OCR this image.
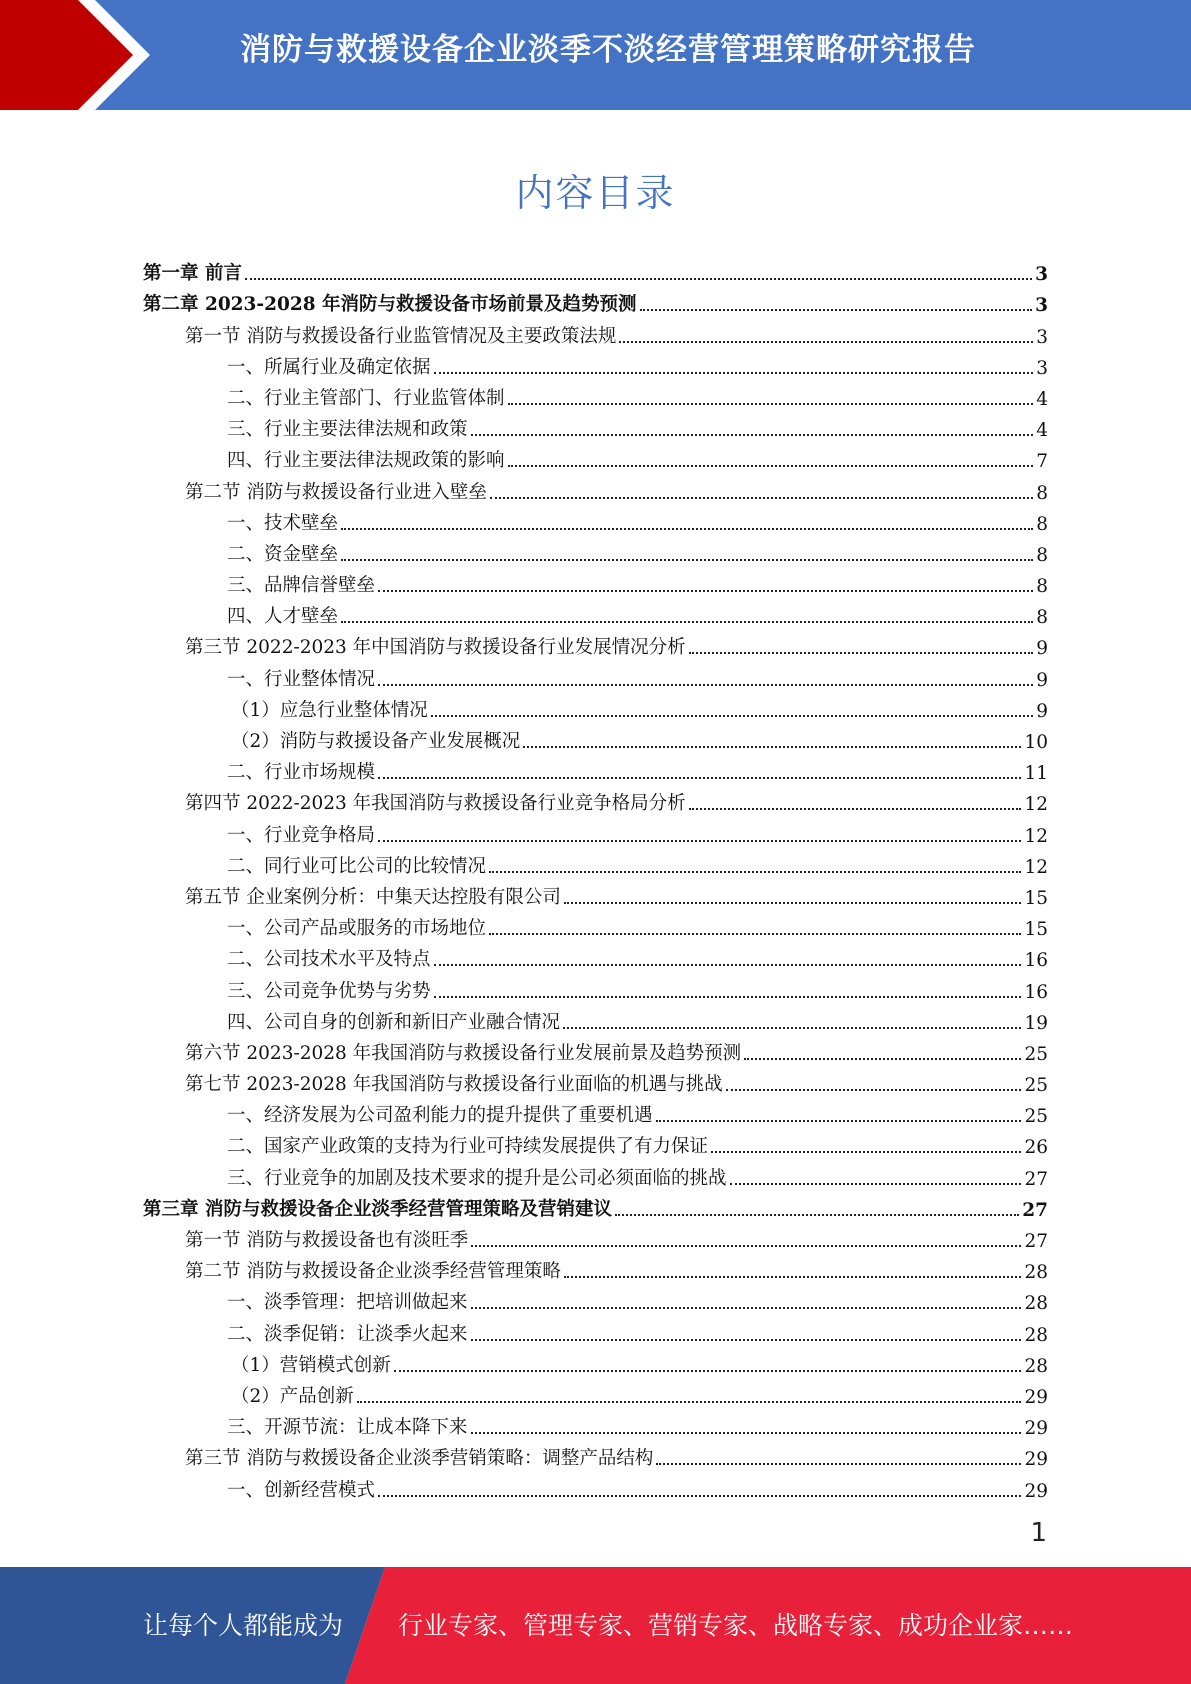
消防与救援设备企业淡季不淡经营管理策略研究报告
内容目录
第一章 前言	3
第二章 2023-2028 年消防与救援设备市场前景及趋势预测	3
第一节 消防与救援设备行业监管情况及主要政策法规	3
一、所属行业及确定依据	3
二、行业主管部门、行业监管体制	4
三、行业主要法律法规和政策	4
四、行业主要法律法规政策的影响	7
第二节 消防与救援设备行业进入壁垒	8
一、技术壁垒	8
二、资金壁垒	8
三、品牌信誉壁垒	8
四、人才壁垒	8
第三节 2022-2023 年中国消防与救援设备行业发展情况分析	9
一、行业整体情况	9
（1）应急行业整体情况	9
（2）消防与救援设备产业发展概况	10
二、行业市场规模	11
第四节 2022-2023 年我国消防与救援设备行业竞争格局分析	12
一、行业竞争格局	12
二、同行业可比公司的比较情况	12
第五节 企业案例分析：中集天达控股有限公司	15
一、公司产品或服务的市场地位	15
二、公司技术水平及特点	16
三、公司竞争优势与劣势	16
四、公司自身的创新和新旧产业融合情况	19
第六节 2023-2028 年我国消防与救援设备行业发展前景及趋势预测	25
第七节 2023-2028 年我国消防与救援设备行业面临的机遇与挑战	25
一、经济发展为公司盈利能力的提升提供了重要机遇	25
二、国家产业政策的支持为行业可持续发展提供了有力保证	26
三、行业竞争的加剧及技术要求的提升是公司必须面临的挑战	27
第三章 消防与救援设备企业淡季经营管理策略及营销建议	27
第一节 消防与救援设备也有淡旺季	27
第二节 消防与救援设备企业淡季经营管理策略	28
一、淡季管理：把培训做起来	28
二、淡季促销：让淡季火起来	28
（1）营销模式创新	28
（2）产品创新	29
三、开源节流：让成本降下来	29
第三节 消防与救援设备企业淡季营销策略：调整产品结构	29
一、创新经营模式	29
1
让每个人都能成为 行业专家、管理专家、营销专家、战略专家、成功企业家……
